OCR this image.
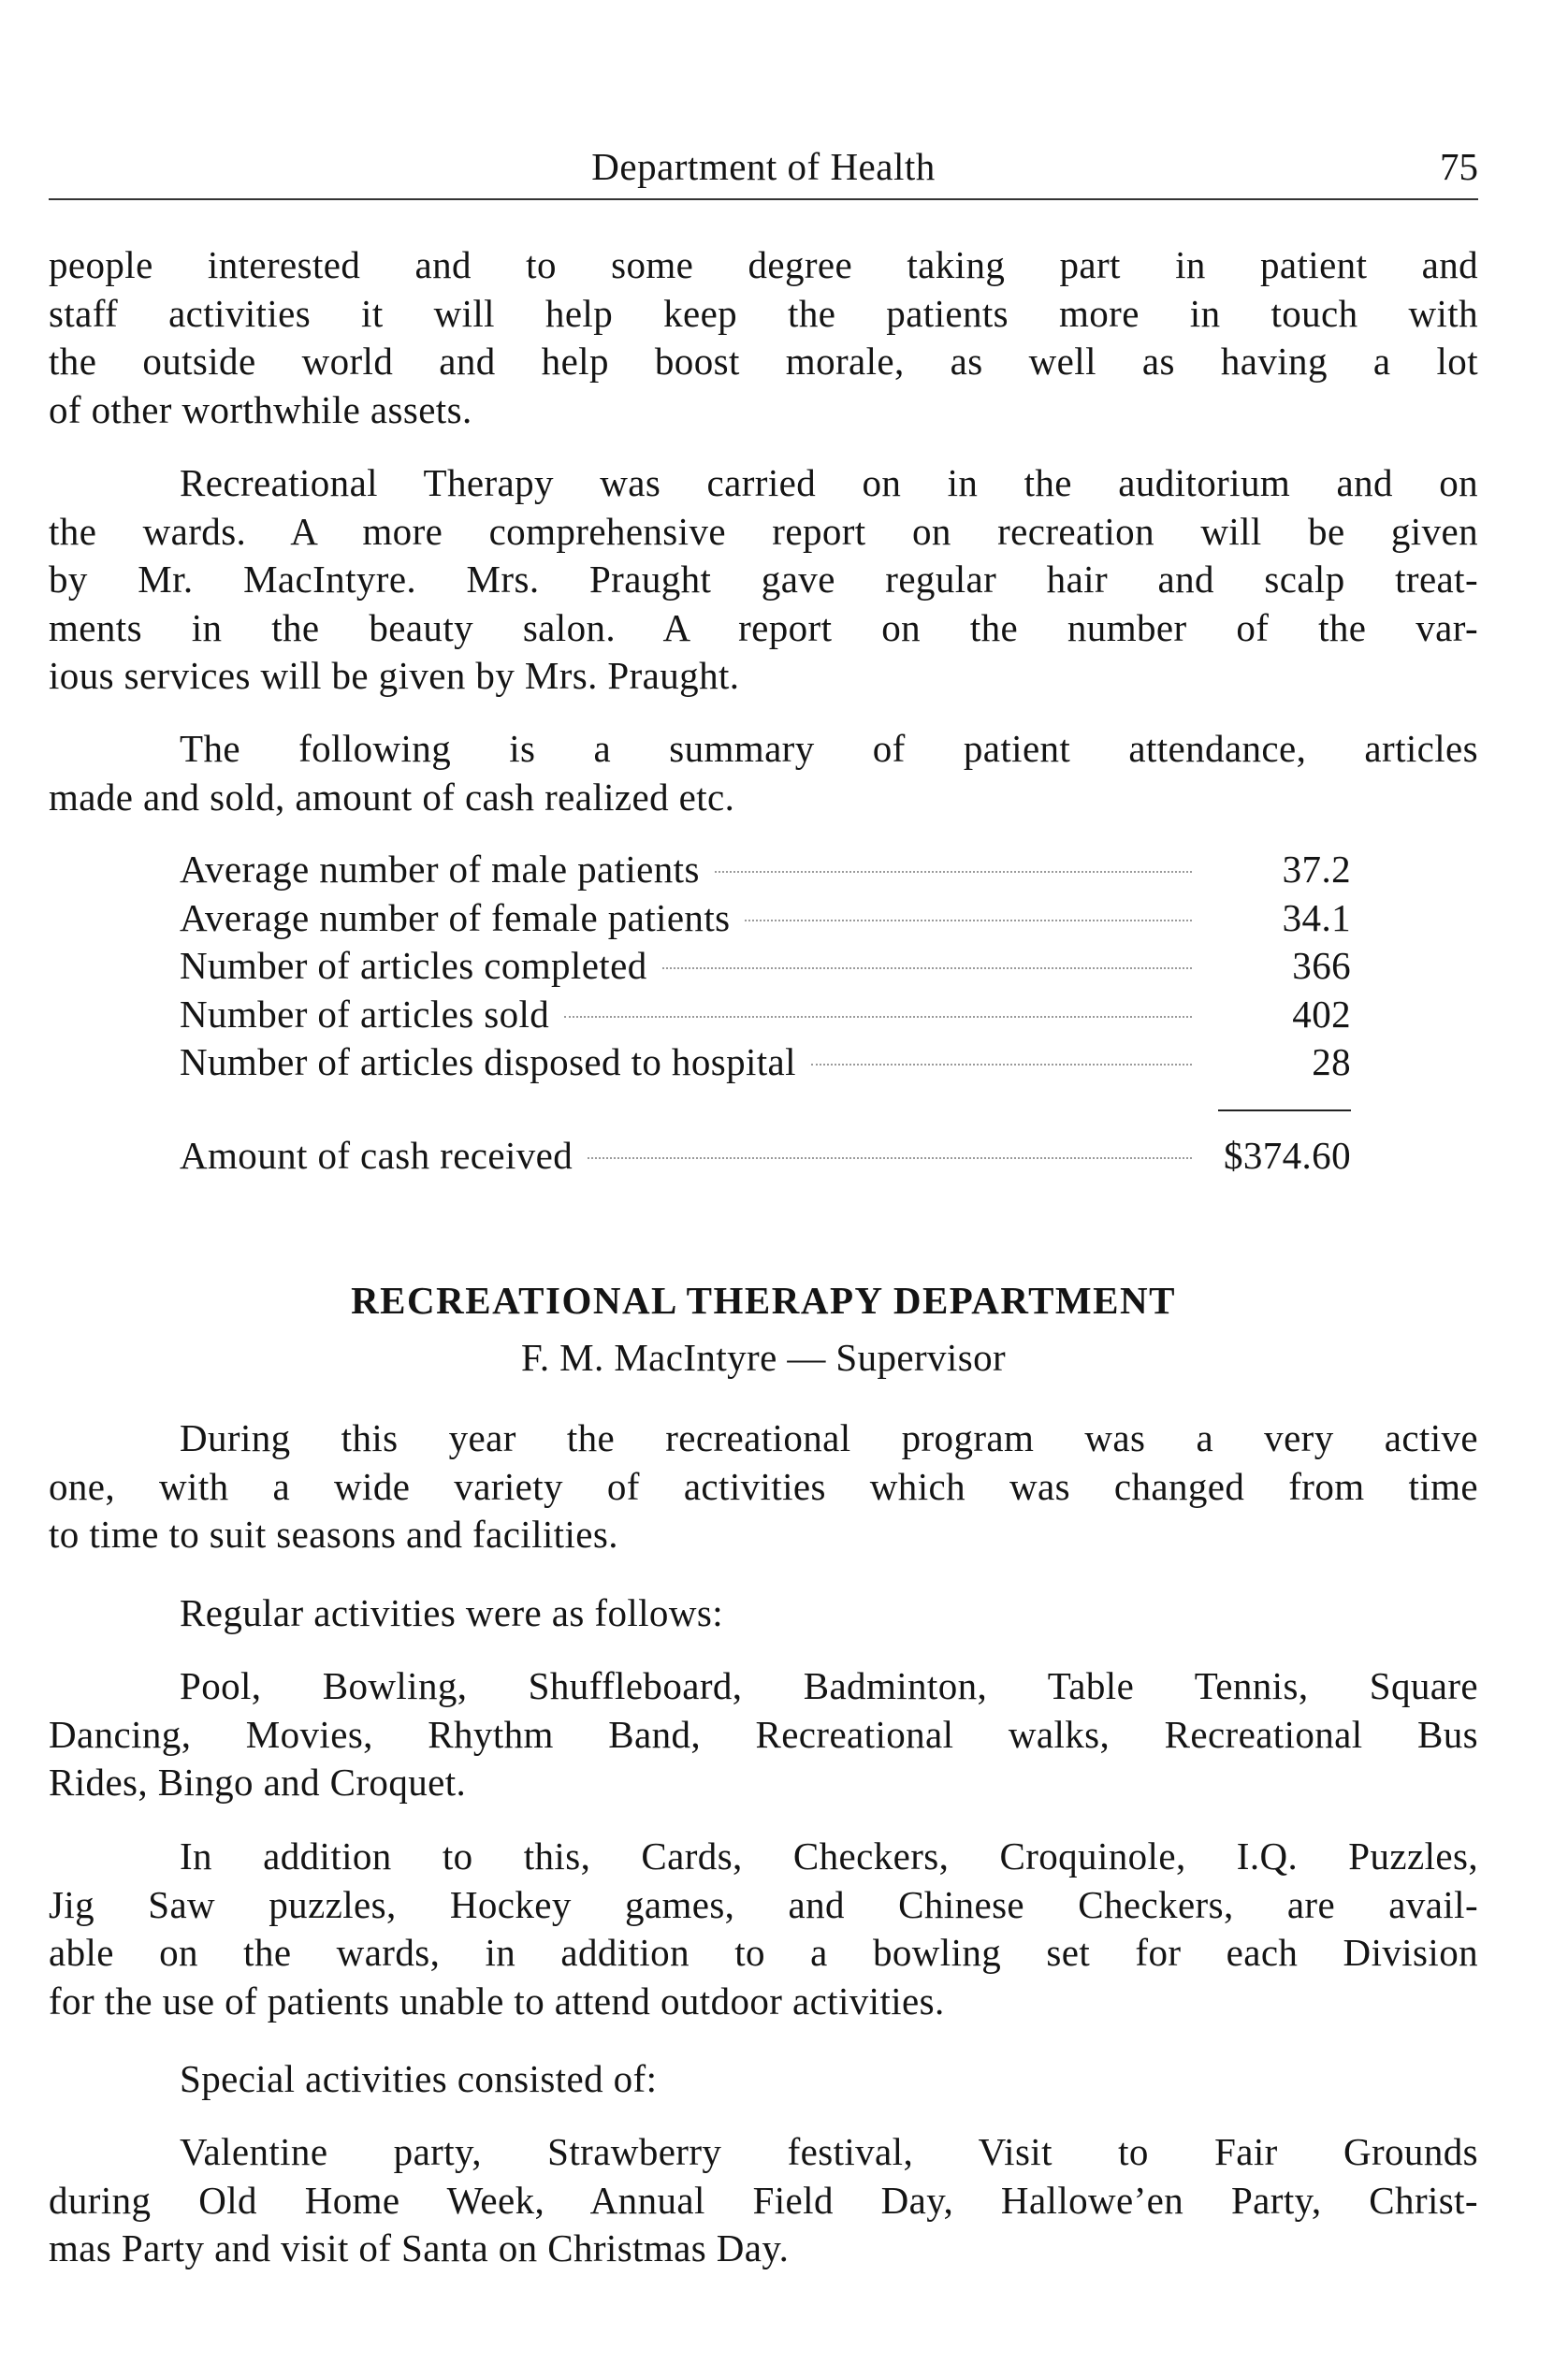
Department of Health	75
people interested and to some degree taking part in patient and
staff activities it will help keep the patients more in touch with
the outside world and help boost morale, as well as having a lot
of other worthwhile assets.
Recreational Therapy was carried on in the auditorium and on
the wards. A more comprehensive report on recreation will be given
by Mr. MacIntyre. Mrs. Praught gave regular hair and scalp treat-
ments in the beauty salon. A report on the number of the var-
ious services will be given by Mrs. Praught.
The following is a summary of patient attendance, articles
made and sold, amount of cash realized etc.
Average number of male patients	37.2
Average number of female patients	34.1
Number of articles completed	366
Number of articles sold	402
Number of articles disposed to hospital	28
Amount of cash received	$374.60
RECREATIONAL THERAPY DEPARTMENT
F. M. MacIntyre — Supervisor
During this year the recreational program was a very active
one, with a wide variety of activities which was changed from time
to time to suit seasons and facilities.
Regular activities were as follows:
Pool, Bowling, Shuffleboard, Badminton, Table Tennis, Square
Dancing, Movies, Rhythm Band, Recreational walks, Recreational Bus
Rides, Bingo and Croquet.
In addition to this, Cards, Checkers, Croquinole, I.Q. Puzzles,
Jig Saw puzzles, Hockey games, and Chinese Checkers, are avail-
able on the wards, in addition to a bowling set for each Division
for the use of patients unable to attend outdoor activities.
Special activities consisted of:
Valentine party, Strawberry festival, Visit to Fair Grounds
during Old Home Week, Annual Field Day, Hallowe’en Party, Christ-
mas Party and visit of Santa on Christmas Day.
